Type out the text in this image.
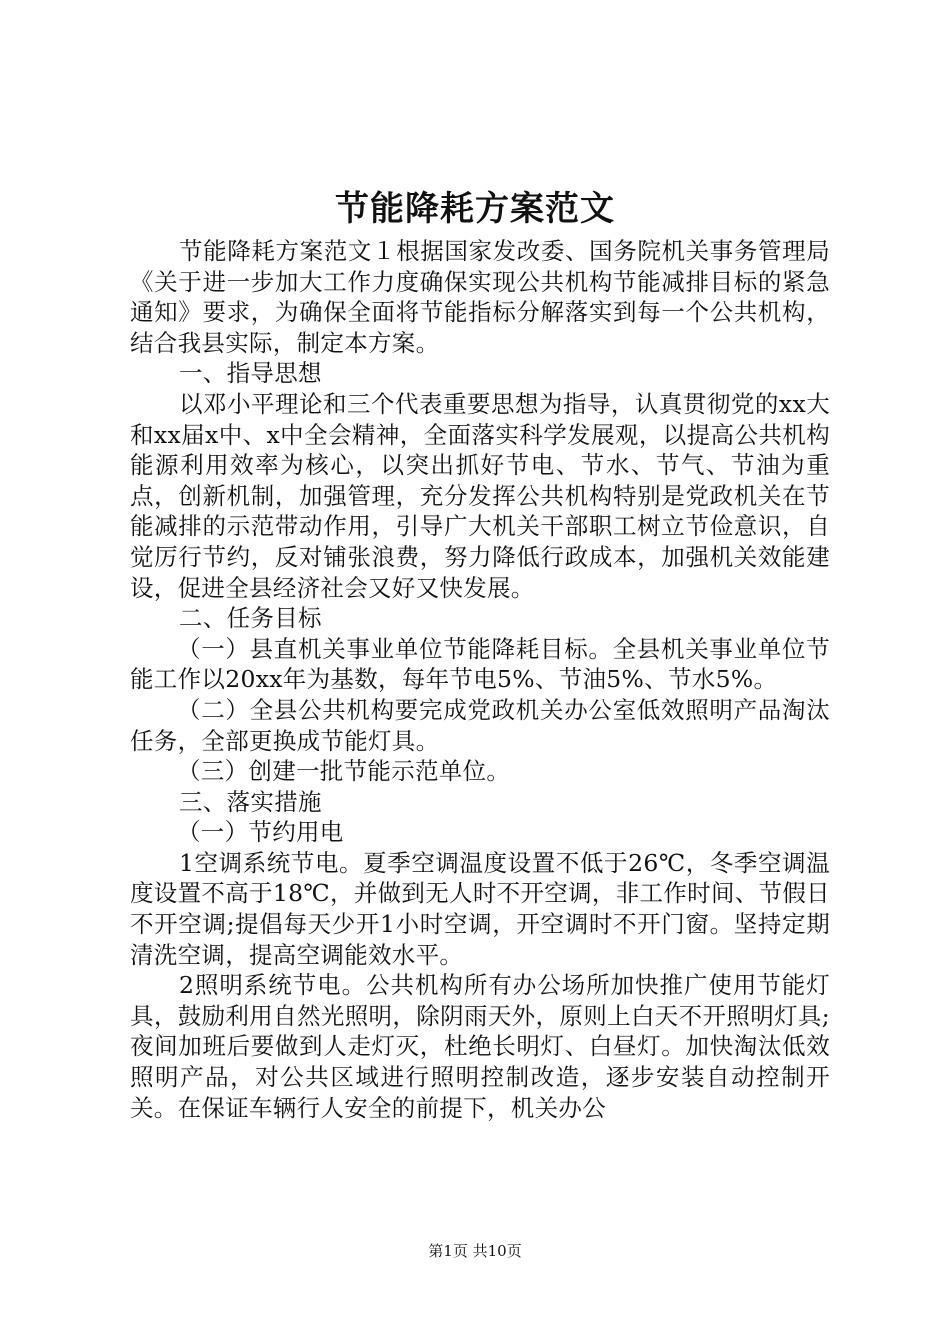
节能降耗方案范文

节能降耗方案范文１根据国家发改委、国务院机关事务管理局《关于进一步加大工作力度确保实现公共机构节能减排目标的紧急通知》要求，为确保全面将节能指标分解落实到每一个公共机构，结合我县实际，制定本方案。

一、指导思想

以邓小平理论和三个代表重要思想为指导，认真贯彻党的xx大和xx届x中、x中全会精神，全面落实科学发展观，以提高公共机构能源利用效率为核心，以突出抓好节电、节水、节气、节油为重点，创新机制，加强管理，充分发挥公共机构特别是党政机关在节能减排的示范带动作用，引导广大机关干部职工树立节俭意识，自觉厉行节约，反对铺张浪费，努力降低行政成本，加强机关效能建设，促进全县经济社会又好又快发展。

二、任务目标

（一）县直机关事业单位节能降耗目标。全县机关事业单位节能工作以20xx年为基数，每年节电5%、节油5%、节水5%。

（二）全县公共机构要完成党政机关办公室低效照明产品淘汰任务，全部更换成节能灯具。

（三）创建一批节能示范单位。

三、落实措施

（一）节约用电

1空调系统节电。夏季空调温度设置不低于26℃，冬季空调温度设置不高于18℃，并做到无人时不开空调，非工作时间、节假日不开空调;提倡每天少开1小时空调，开空调时不开门窗。坚持定期清洗空调，提高空调能效水平。

2照明系统节电。公共机构所有办公场所加快推广使用节能灯具，鼓励利用自然光照明，除阴雨天外，原则上白天不开照明灯具;夜间加班后要做到人走灯灭，杜绝长明灯、白昼灯。加快淘汰低效照明产品，对公共区域进行照明控制改造，逐步安装自动控制开关。在保证车辆行人安全的前提下，机关办公

第1页 共10页
